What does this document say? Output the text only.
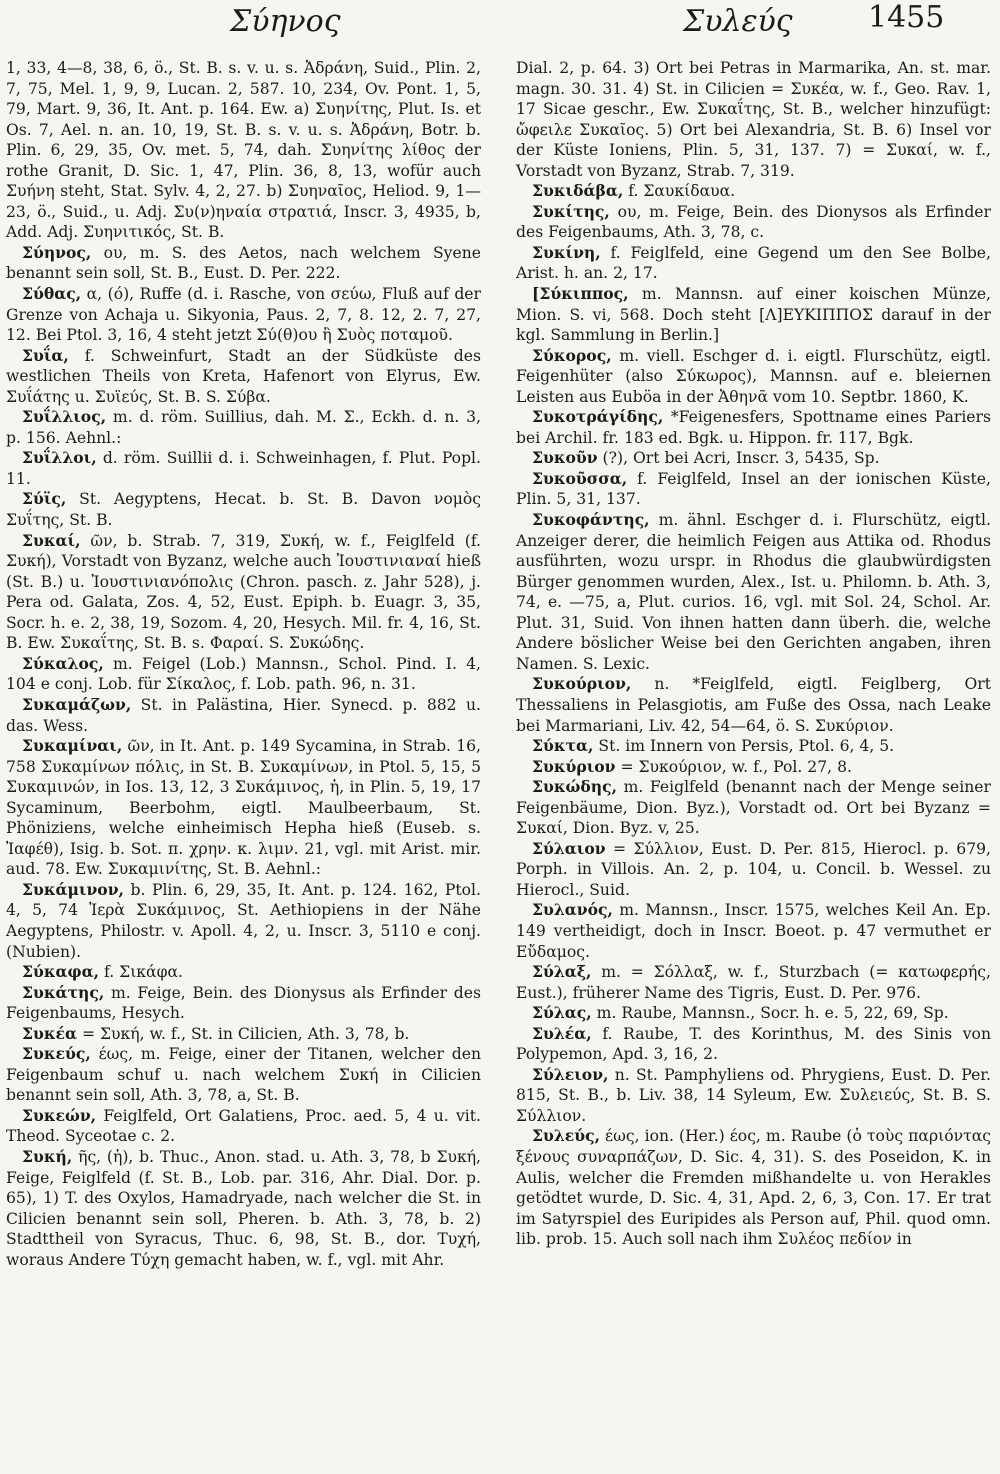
Σύηνος	Συλεύς	1455

1, 33, 4—8, 38, 6, ö., St. B. s. v. u. s. Ἀδράνη, Suid., Plin. 2, 7, 75, Mel. 1, 9, 9, Lucan. 2, 587. 10, 234, Ov. Pont. 1, 5, 79, Mart. 9, 36, It. Ant. p. 164. Ew. a) Συηνίτης, Plut. Is. et Os. 7, Ael. n. an. 10, 19, St. B. s. v. u. s. Ἀδράνη, Botr. b. Plin. 6, 29, 35, Ov. met. 5, 74, dah. Συηνίτης λίθος der rothe Granit, D. Sic. 1, 47, Plin. 36, 8, 13, wofür auch Συήνη steht, Stat. Sylv. 4, 2, 27. b) Συηναῖος, Heliod. 9, 1—23, ö., Suid., u. Adj. Συ(ν)ηναία στρατιά, Inscr. 3, 4935, b, Add. Adj. Συηνιτικός, St. B.

Σύηνος, ου, m. S. des Aetos, nach welchem Syene benannt sein soll, St. B., Eust. D. Per. 222.

Σύθας, α, (ό), Ruffe (d. i. Rasche, von σεύω, Fluß auf der Grenze von Achaja u. Sikyonia, Paus. 2, 7, 8. 12, 2. 7, 27, 12. Bei Ptol. 3, 16, 4 steht jetzt Σύ(θ)ου ἢ Συὸς ποταμοῦ.

Συΐα, f. Schweinfurt, Stadt an der Südküste des westlichen Theils von Kreta, Hafenort von Elyrus, Ew. Συΐάτης u. Συϊεύς, St. B. S. Σύβα.

Συΐλλιος, m. d. röm. Suillius, dah. Μ. Σ., Eckh. d. n. 3, p. 156. Aehnl.:

Συΐλλοι, d. röm. Suillii d. i. Schweinhagen, f. Plut. Popl. 11.

Σύϊς, St. Aegyptens, Hecat. b. St. B. Davon νομὸς Συΐτης, St. B.

Συκαί, ῶν, b. Strab. 7, 319, Συκή, w. f., Feiglfeld (f. Συκή), Vorstadt von Byzanz, welche auch Ἰουστινιαναί hieß (St. B.) u. Ἰουστινιανόπολις (Chron. pasch. z. Jahr 528), j. Pera od. Galata, Zos. 4, 52, Eust. Epiph. b. Euagr. 3, 35, Socr. h. e. 2, 38, 19, Sozom. 4, 20, Hesych. Mil. fr. 4, 16, St. B. Ew. Συκαΐτης, St. B. s. Φαραί. S. Συκώδης.

Σύκαλος, m. Feigel (Lob.) Mannsn., Schol. Pind. I. 4, 104 e conj. Lob. für Σίκαλος, f. Lob. path. 96, n. 31.

Συκαμάζων, St. in Palästina, Hier. Synecd. p. 882 u. das. Wess.

Συκαμίναι, ῶν, in It. Ant. p. 149 Sycamina, in Strab. 16, 758 Συκαμίνων πόλις, in St. B. Συκαμίνων, in Ptol. 5, 15, 5 Συκαμινών, in Ios. 13, 12, 3 Συκάμινος, ἡ, in Plin. 5, 19, 17 Sycaminum, Beerbohm, eigtl. Maulbeerbaum, St. Phöniziens, welche einheimisch Hepha hieß (Euseb. s. Ἰαφέθ), Isig. b. Sot. π. χρην. κ. λιμν. 21, vgl. mit Arist. mir. aud. 78. Ew. Συκαμινίτης, St. B. Aehnl.:

Συκάμινον, b. Plin. 6, 29, 35, It. Ant. p. 124. 162, Ptol. 4, 5, 74 Ἱερὰ Συκάμινος, St. Aethiopiens in der Nähe Aegyptens, Philostr. v. Apoll. 4, 2, u. Inscr. 3, 5110 e conj. (Nubien).

Σύκαφα, f. Σικάφα.

Συκάτης, m. Feige, Bein. des Dionysus als Erfinder des Feigenbaums, Hesych.

Συκέα = Συκή, w. f., St. in Cilicien, Ath. 3, 78, b.

Συκεύς, έως, m. Feige, einer der Titanen, welcher den Feigenbaum schuf u. nach welchem Συκή in Cilicien benannt sein soll, Ath. 3, 78, a, St. B.

Συκεών, Feiglfeld, Ort Galatiens, Proc. aed. 5, 4 u. vit. Theod. Syceotae c. 2.

Συκή, ῆς, (ἡ), b. Thuc., Anon. stad. u. Ath. 3, 78, b Συκή, Feige, Feiglfeld (f. St. B., Lob. par. 316, Ahr. Dial. Dor. p. 65), 1) T. des Oxylos, Hamadryade, nach welcher die St. in Cilicien benannt sein soll, Pheren. b. Ath. 3, 78, b. 2) Stadttheil von Syracus, Thuc. 6, 98, St. B., dor. Τυχή, woraus Andere Τύχη gemacht haben, w. f., vgl. mit Ahr.

Dial. 2, p. 64. 3) Ort bei Petras in Marmarika, An. st. mar. magn. 30. 31. 4) St. in Cilicien = Συκέα, w. f., Geo. Rav. 1, 17 Sicae geschr., Ew. Συκαΐτης, St. B., welcher hinzufügt: ὤφειλε Συκαῖος. 5) Ort bei Alexandria, St. B. 6) Insel vor der Küste Ioniens, Plin. 5, 31, 137. 7) = Συκαί, w. f., Vorstadt von Byzanz, Strab. 7, 319.

Συκιδάβα, f. Σαυκίδαυα.

Συκίτης, ου, m. Feige, Bein. des Dionysos als Erfinder des Feigenbaums, Ath. 3, 78, c.

Συκίνη, f. Feiglfeld, eine Gegend um den See Bolbe, Arist. h. an. 2, 17.

[Σύκιππος, m. Mannsn. auf einer koischen Münze, Mion. S. vi, 568. Doch steht [Λ]ΕΥΚΙΠΠΟΣ darauf in der kgl. Sammlung in Berlin.]

Σύκορος, m. viell. Eschger d. i. eigtl. Flurschütz, eigtl. Feigenhüter (also Σύκωρος), Mannsn. auf e. bleiernen Leisten aus Euböa in der Ἀθηνᾶ vom 10. Septbr. 1860, K.

Συκοτράγίδης, *Feigenesfers, Spottname eines Pariers bei Archil. fr. 183 ed. Bgk. u. Hippon. fr. 117, Bgk.

Συκοῦν (?), Ort bei Acri, Inscr. 3, 5435, Sp.

Συκοῦσσα, f. Feiglfeld, Insel an der ionischen Küste, Plin. 5, 31, 137.

Συκοφάντης, m. ähnl. Eschger d. i. Flurschütz, eigtl. Anzeiger derer, die heimlich Feigen aus Attika od. Rhodus ausführten, wozu urspr. in Rhodus die glaubwürdigsten Bürger genommen wurden, Alex., Ist. u. Philomn. b. Ath. 3, 74, e. —75, a, Plut. curios. 16, vgl. mit Sol. 24, Schol. Ar. Plut. 31, Suid. Von ihnen hatten dann überh. die, welche Andere böslicher Weise bei den Gerichten angaben, ihren Namen. S. Lexic.

Συκούριον, n. *Feiglfeld, eigtl. Feiglberg, Ort Thessaliens in Pelasgiotis, am Fuße des Ossa, nach Leake bei Marmariani, Liv. 42, 54—64, ö. S. Συκύριον.

Σύκτα, St. im Innern von Persis, Ptol. 6, 4, 5.

Συκύριον = Συκούριον, w. f., Pol. 27, 8.

Συκώδης, m. Feiglfeld (benannt nach der Menge seiner Feigenbäume, Dion. Byz.), Vorstadt od. Ort bei Byzanz = Συκαί, Dion. Byz. v, 25.

Σύλαιον = Σύλλιον, Eust. D. Per. 815, Hierocl. p. 679, Porph. in Villois. An. 2, p. 104, u. Concil. b. Wessel. zu Hierocl., Suid.

Συλανός, m. Mannsn., Inscr. 1575, welches Keil An. Ep. 149 vertheidigt, doch in Inscr. Boeot. p. 47 vermuthet er Εὔδαμος.

Σύλαξ, m. = Σόλλαξ, w. f., Sturzbach (= κατωφερής, Eust.), früherer Name des Tigris, Eust. D. Per. 976.

Σύλας, m. Raube, Mannsn., Socr. h. e. 5, 22, 69, Sp.

Συλέα, f. Raube, T. des Korinthus, M. des Sinis von Polypemon, Apd. 3, 16, 2.

Σύλειον, n. St. Pamphyliens od. Phrygiens, Eust. D. Per. 815, St. B., b. Liv. 38, 14 Syleum, Ew. Συλειεύς, St. B. S. Σύλλιον.

Συλεύς, έως, ion. (Her.) έος, m. Raube (ὁ τοὺς παριόντας ξένους συναρπάζων, D. Sic. 4, 31). S. des Poseidon, K. in Aulis, welcher die Fremden mißhandelte u. von Herakles getödtet wurde, D. Sic. 4, 31, Apd. 2, 6, 3, Con. 17. Er trat im Satyrspiel des Euripides als Person auf, Phil. quod omn. lib. prob. 15. Auch soll nach ihm Συλέος πεδίον in
